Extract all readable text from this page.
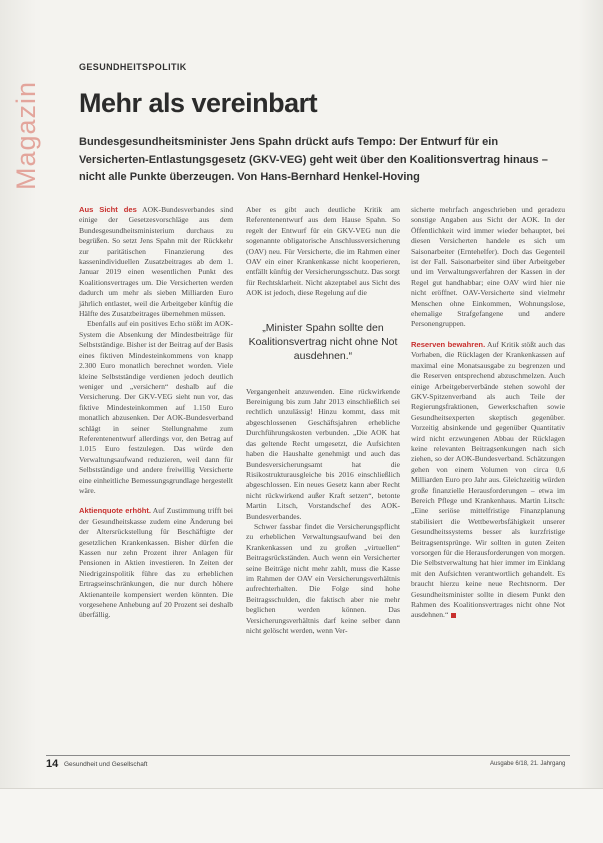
GESUNDHEITSPOLITIK
Mehr als vereinbart
Bundesgesundheitsminister Jens Spahn drückt aufs Tempo: Der Entwurf für ein Versicherten-Entlastungsgesetz (GKV-VEG) geht weit über den Koalitionsvertrag hinaus – nicht alle Punkte überzeugen. Von Hans-Bernhard Henkel-Hoving

Aus Sicht des AOK-Bundesverbandes sind einige der Gesetzesvorschläge aus dem Bundesgesundheitsministerium durchaus zu begrüßen. So setzt Jens Spahn mit der Rückkehr zur paritätischen Finanzierung des kassenindividuellen Zusatzbeitrages ab dem 1. Januar 2019 einen wesentlichen Punkt des Koalitionsvertrages um. Die Versicherten werden dadurch um mehr als sieben Milliarden Euro jährlich entlastet, weil die Arbeitgeber künftig die Hälfte des Zusatzbeitrages übernehmen müssen.

Ebenfalls auf ein positives Echo stößt im AOK-System die Absenkung der Mindestbeiträge für Selbstständige. Bisher ist der Beitrag auf der Basis eines fiktiven Mindesteinkommens von knapp 2.300 Euro monatlich berechnet worden. Viele kleine Selbstständige verdienen jedoch deutlich weniger und „versichern“ deshalb auf die Versicherung. Der GKV-VEG sieht nun vor, das fiktive Mindesteinkommen auf 1.150 Euro monatlich abzusenken. Der AOK-Bundesverband schlägt in seiner Stellungnahme zum Referentenentwurf allerdings vor, den Betrag auf 1.015 Euro festzulegen. Das würde den Verwaltungsaufwand reduzieren, weil dann für Selbstständige und andere freiwillig Versicherte eine einheitliche Bemessungsgrundlage hergestellt wäre.

Aktienquote erhöht. Auf Zustimmung trifft bei der Gesundheitskasse zudem eine Änderung bei der Altersrückstellung für Beschäftigte der gesetzlichen Krankenkassen. Bisher dürfen die Kassen nur zehn Prozent ihrer Anlagen für Pensionen in Aktien investieren. In Zeiten der Niedrigzinspolitik führe das zu erheblichen Ertragseinschränkungen, die nur durch höhere Aktienanteile kompensiert werden könnten. Die vorgesehene Anhebung auf 20 Prozent sei deshalb überfällig.

Aber es gibt auch deutliche Kritik am Referentenentwurf aus dem Hause Spahn. So regelt der Entwurf für ein GKV-VEG nun die sogenannte obligatorische Anschlussversicherung (OAV) neu. Für Versicherte, die im Rahmen einer OAV ein einer Krankenkasse nicht kooperieren, entfällt künftig der Versicherungsschutz. Das sorgt für Rechtsklarheit. Nicht akzeptabel aus Sicht des AOK ist jedoch, diese Regelung auf die

„Minister Spahn sollte den Koalitionsvertrag nicht ohne Not ausdehnen.“

Vergangenheit anzuwenden. Eine rückwirkende Bereinigung bis zum Jahr 2013 einschließlich sei rechtlich unzulässig! Hinzu kommt, dass mit abgeschlossenen Geschäftsjahren erhebliche Durchführungskosten verbunden. „Die AOK hat das geltende Recht umgesetzt, die Aufsichten haben die Haushalte genehmigt und auch das Bundesversicherungsamt hat die Risikostrukturausgleiche bis 2016 einschließlich abgeschlossen. Ein neues Gesetz kann aber Recht nicht rückwirkend außer Kraft setzen“, betonte Martin Litsch, Vorstandschef des AOK-Bundesverbandes.

Schwer fassbar findet die Versicherungspflicht zu erheblichen Verwaltungsaufwand bei den Krankenkassen und zu großen „virtuellen“ Beitragsrückständen. Auch wenn ein Versicherter seine Beiträge nicht mehr zahlt, muss die Kasse im Rahmen der OAV ein Versicherungsverhältnis aufrechterhalten. Die Folge sind hohe Beitragsschulden, die faktisch aber nie mehr beglichen werden können. Das Versicherungsverhältnis darf keine selber dann nicht gelöscht werden, wenn Ver-

sicherte mehrfach angeschrieben und geradezu sonstige Angaben aus Sicht der AOK. In der Öffentlichkeit wird immer wieder behauptet, bei diesen Versicherten handele es sich um Saisonarbeiter (Erntehelfer). Doch das Gegenteil ist der Fall. Saisonarbeiter sind über Arbeitgeber und im Verwaltungsverfahren der Kassen in der Regel gut handhabbar; eine OAV wird hier nie nicht eröffnet. OAV-Versicherte sind vielmehr Menschen ohne Einkommen, Wohnungslose, ehemalige Strafgefangene und andere Personengruppen.

Reserven bewahren. Auf Kritik stößt auch das Vorhaben, die Rücklagen der Krankenkassen auf maximal eine Monatsausgabe zu begrenzen und die Reserven entsprechend abzuschmelzen. Auch einige Arbeitgeberverbände stehen sowohl der GKV-Spitzenverband als auch Teile der Regierungsfraktionen, Gewerkschaften sowie Gesundheitsexperten skeptisch gegenüber. Vorzeitig absinkende und gegenüber Quantitativ wird nicht erzwungenen Abbau der Rücklagen keine relevanten Beitragsenkungen nach sich ziehen, so der AOK-Bundesverband. Schätzungen gehen von einem Volumen von circa 0,6 Milliarden Euro pro Jahr aus. Gleichzeitig würden große finanzielle Herausforderungen – etwa im Bereich Pflege und Krankenhaus. Martin Litsch: „Eine seriöse mittelfristige Finanzplanung stabilisiert die Wettbewerbsfähigkeit unserer Gesundheitssystems besser als kurzfristige Beitragsentsprünge. Wir sollten in guten Zeiten vorsorgen für die Herausforderungen von morgen. Die Selbstverwaltung hat hier immer im Einklang mit den Aufsichten verantwortlich gehandelt. Es braucht hierzu keine neue Rechtsnorm. Der Gesundheitsminister sollte in diesem Punkt den Rahmen des Koalitionsvertrages nicht ohne Not ausdehnen.“

14 Gesundheit und Gesellschaft	Ausgabe 6/18, 21. Jahrgang
